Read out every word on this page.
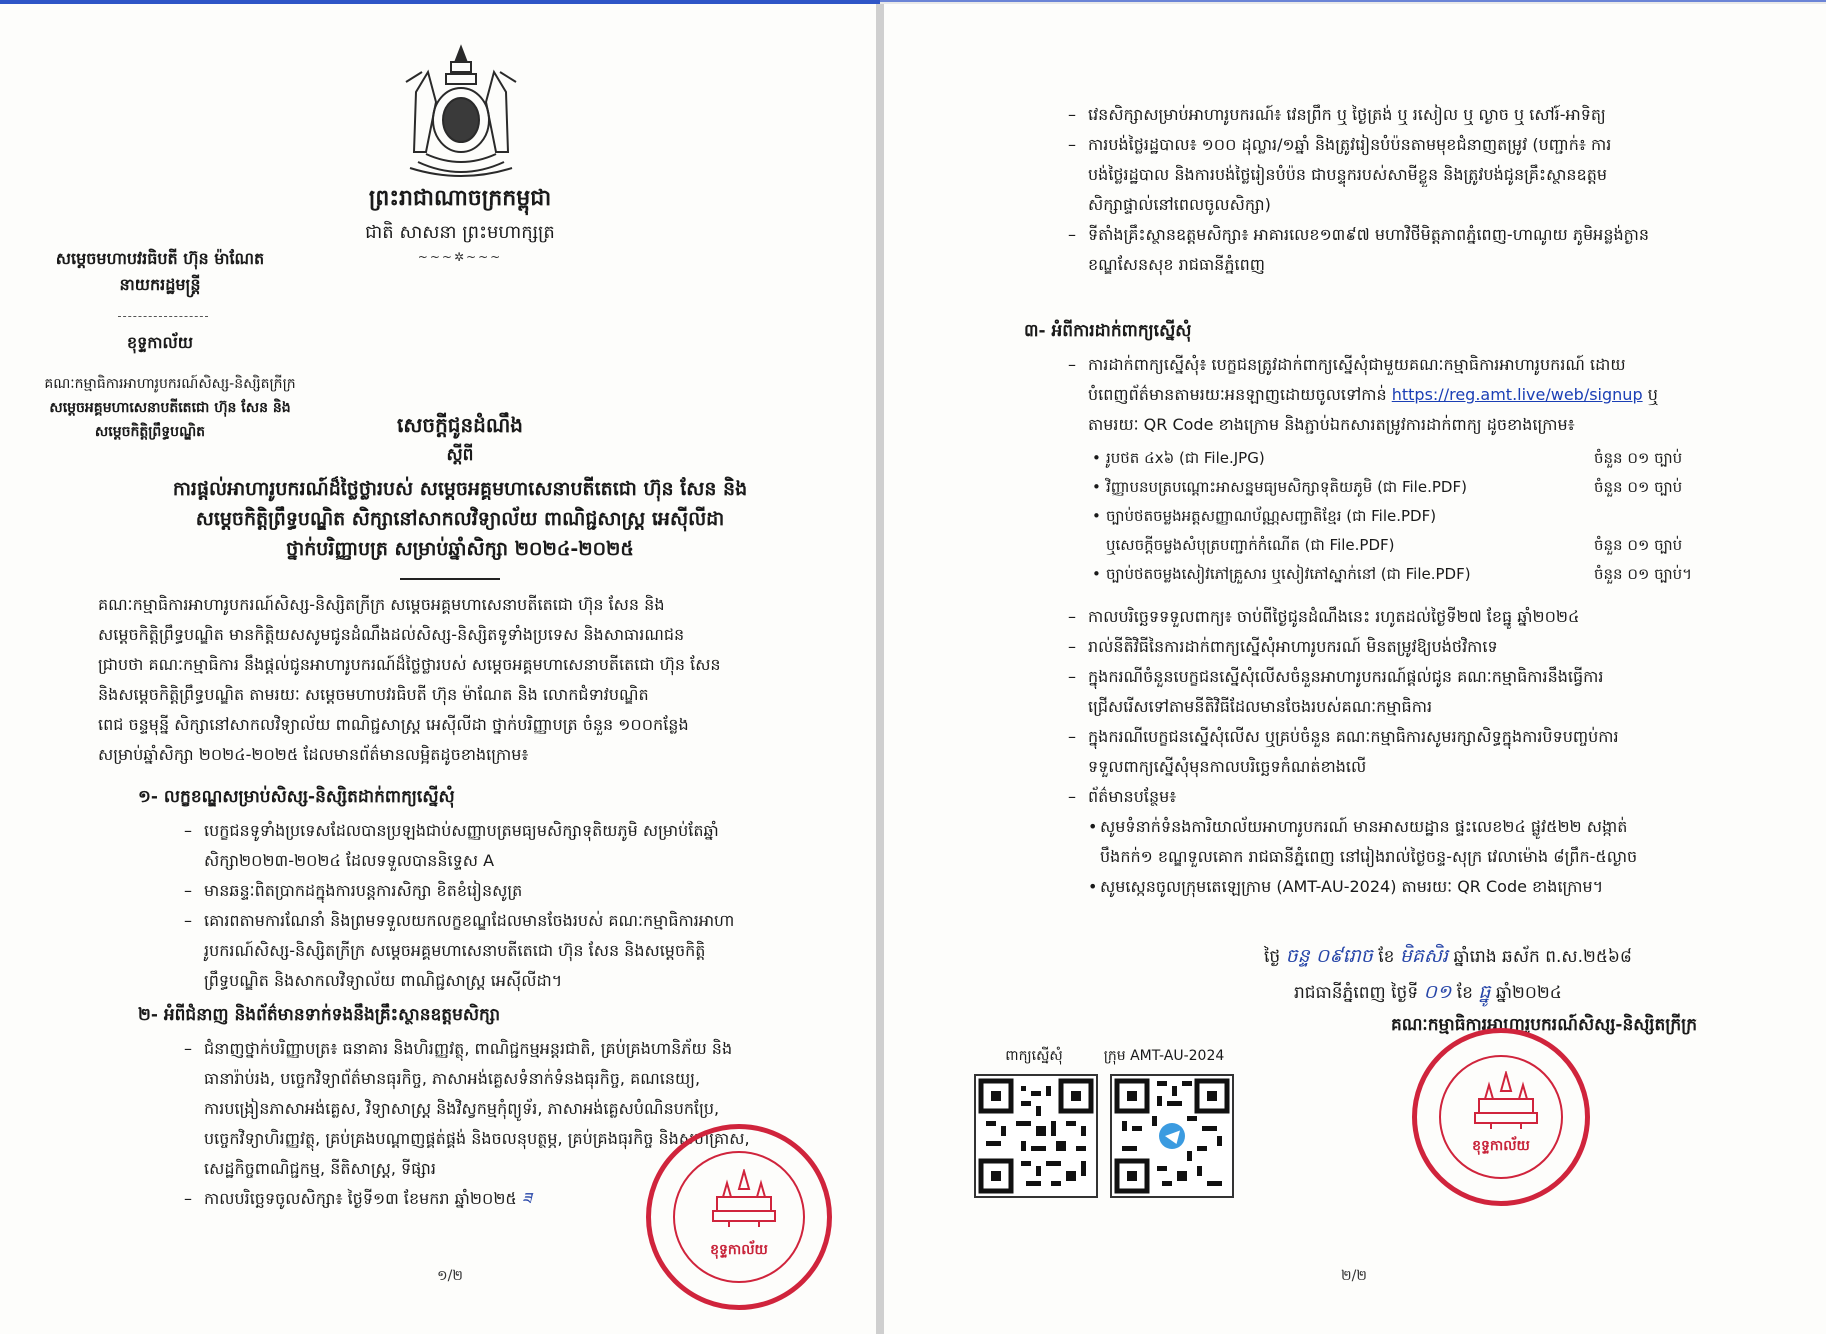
ព្រះរាជាណាចក្រកម្ពុជា
ជាតិ សាសនា ព្រះមហាក្សត្រ
~~~✲~~~
សម្តេចមហាបវរធិបតី ហ៊ុន ម៉ាណែត
នាយករដ្ឋមន្ត្រី
ខុទ្ទកាល័យ
គណៈកម្មាធិការអាហារូបករណ៍សិស្ស-និស្សិតក្រីក្រ
សម្តេចអគ្គមហាសេនាបតីតេជោ ហ៊ុន សែន និង
សម្តេចកិត្តិព្រឹទ្ធបណ្ឌិត	សេចក្តីជូនដំណឹង
ស្តីពី
ការផ្តល់អាហារូបករណ៍ដ៏ថ្លៃថ្លារបស់ សម្តេចអគ្គមហាសេនាបតីតេជោ ហ៊ុន សែន និង
សម្តេចកិត្តិព្រឹទ្ធបណ្ឌិត សិក្សានៅសាកលវិទ្យាល័យ ពាណិជ្ជសាស្ត្រ អេស៊ីលីដា
ថ្នាក់បរិញ្ញាបត្រ សម្រាប់ឆ្នាំសិក្សា ២០២៤-២០២៥
គណៈកម្មាធិការអាហារូបករណ៍សិស្ស-និស្សិតក្រីក្រ សម្តេចអគ្គមហាសេនាបតីតេជោ ហ៊ុន សែន និង
សម្តេចកិត្តិព្រឹទ្ធបណ្ឌិត មានកិត្តិយសសូមជូនដំណឹងដល់សិស្ស-និស្សិតទូទាំងប្រទេស និងសាធារណជន
ជ្រាបថា គណៈកម្មាធិការ នឹងផ្តល់ជូនអាហារូបករណ៍ដ៏ថ្លៃថ្លារបស់ សម្តេចអគ្គមហាសេនាបតីតេជោ ហ៊ុន សែន
និងសម្តេចកិត្តិព្រឹទ្ធបណ្ឌិត តាមរយៈ សម្តេចមហាបវរធិបតី ហ៊ុន ម៉ាណែត និង លោកជំទាវបណ្ឌិត
ពេជ ចន្ទមុន្នី សិក្សានៅសាកលវិទ្យាល័យ ពាណិជ្ជសាស្ត្រ អេស៊ីលីដា ថ្នាក់បរិញ្ញាបត្រ ចំនួន ១០០កន្លែង
សម្រាប់ឆ្នាំសិក្សា ២០២៤-២០២៥ ដែលមានព័ត៌មានលម្អិតដូចខាងក្រោម៖
១- លក្ខខណ្ឌសម្រាប់សិស្ស-និស្សិតដាក់ពាក្យស្នើសុំ
– បេក្ខជនទូទាំងប្រទេសដែលបានប្រឡងជាប់សញ្ញាបត្រមធ្យមសិក្សាទុតិយភូមិ សម្រាប់តែឆ្នាំ
សិក្សា២០២៣-២០២៤ ដែលទទួលបាននិទ្ទេស A
– មានឆន្ទៈពិតប្រាកដក្នុងការបន្តការសិក្សា ខិតខំរៀនសូត្រ
– គោរពតាមការណែនាំ និងព្រមទទួលយកលក្ខខណ្ឌដែលមានចែងរបស់ គណៈកម្មាធិការអាហា
រូបករណ៍សិស្ស-និស្សិតក្រីក្រ សម្តេចអគ្គមហាសេនាបតីតេជោ ហ៊ុន សែន និងសម្តេចកិត្តិ
ព្រឹទ្ធបណ្ឌិត និងសាកលវិទ្យាល័យ ពាណិជ្ជសាស្ត្រ អេស៊ីលីដា។
២- អំពីជំនាញ និងព័ត៌មានទាក់ទងនឹងគ្រឹះស្ថានឧត្តមសិក្សា
– ជំនាញថ្នាក់បរិញ្ញាបត្រ៖ ធនាគារ និងហិរញ្ញវត្ថុ, ពាណិជ្ជកម្មអន្តរជាតិ, គ្រប់គ្រងហានិភ័យ និង
ធានារ៉ាប់រង, បច្ចេកវិទ្យាព័ត៌មានធុរកិច្ច, ភាសាអង់គ្លេសទំនាក់ទំនងធុរកិច្ច, គណនេយ្យ,
ការបង្រៀនភាសាអង់គ្លេស, វិទ្យាសាស្ត្រ និងវិស្វកម្មកុំព្យូទ័រ, ភាសាអង់គ្លេសបំណិនបកប្រែ,
បច្ចេកវិទ្យាហិរញ្ញវត្ថុ, គ្រប់គ្រងបណ្តាញផ្គត់ផ្គង់ និងចលនុបត្ថម្ភ, គ្រប់គ្រងធុរកិច្ច និងសហគ្រាស,
សេដ្ឋកិច្ចពាណិជ្ជកម្ម, នីតិសាស្ត្រ, ទីផ្សារ
– កាលបរិច្ឆេទចូលសិក្សា៖ ថ្ងៃទី១៣ ខែមករា ឆ្នាំ២០២៥ ཟ
ខុទ្ទកាល័យ
១/២
– វេនសិក្សាសម្រាប់អាហារូបករណ៍៖ វេនព្រឹក ឬ ថ្ងៃត្រង់ ឬ រសៀល ឬ ល្ងាច ឬ សៅរ៍-អាទិត្យ
– ការបង់ថ្លៃរដ្ឋបាល៖ ១០០ ដុល្លារ/១ឆ្នាំ និងត្រូវរៀនបំប៉នតាមមុខជំនាញតម្រូវ (បញ្ជាក់៖ ការ
បង់ថ្លៃរដ្ឋបាល និងការបង់ថ្លៃរៀនបំប៉ន ជាបន្ទុករបស់សាមីខ្លួន និងត្រូវបង់ជូនគ្រឹះស្ថានឧត្តម
សិក្សាផ្ទាល់នៅពេលចូលសិក្សា)
– ទីតាំងគ្រឹះស្ថានឧត្តមសិក្សា៖ អាគារលេខ១៣៩៧ មហាវិថីមិត្តភាពភ្នំពេញ-ហាណូយ ភូមិអន្លង់ក្ងាន
ខណ្ឌសែនសុខ រាជធានីភ្នំពេញ
៣- អំពីការដាក់ពាក្យស្នើសុំ
– ការដាក់ពាក្យស្នើសុំ៖ បេក្ខជនត្រូវដាក់ពាក្យស្នើសុំជាមួយគណៈកម្មាធិការអាហារូបករណ៍ ដោយ
បំពេញព័ត៌មានតាមរយៈអនឡាញដោយចូលទៅកាន់ https://reg.amt.live/web/signup ឬ
តាមរយៈ QR Code ខាងក្រោម និងភ្ជាប់ឯកសារតម្រូវការដាក់ពាក្យ ដូចខាងក្រោម៖
• រូបថត ៤x៦ (ជា File.JPG)	ចំនួន ០១ ច្បាប់
• វិញ្ញាបនបត្របណ្តោះអាសន្នមធ្យមសិក្សាទុតិយភូមិ (ជា File.PDF)	ចំនួន ០១ ច្បាប់
• ច្បាប់ថតចម្លងអត្តសញ្ញាណប័ណ្ណសញ្ជាតិខ្មែរ (ជា File.PDF)
ឬសេចក្តីចម្លងសំបុត្របញ្ជាក់កំណើត (ជា File.PDF)	ចំនួន ០១ ច្បាប់
• ច្បាប់ថតចម្លងសៀវភៅគ្រួសារ ឬសៀវភៅស្នាក់នៅ (ជា File.PDF)	ចំនួន ០១ ច្បាប់។
– កាលបរិច្ឆេទទទួលពាក្យ៖ ចាប់ពីថ្ងៃជូនដំណឹងនេះ រហូតដល់ថ្ងៃទី២៧ ខែធ្នូ ឆ្នាំ២០២៤
– រាល់នីតិវិធីនៃការដាក់ពាក្យស្នើសុំអាហារូបករណ៍ មិនតម្រូវឱ្យបង់ថវិកាទេ
– ក្នុងករណីចំនួនបេក្ខជនស្នើសុំលើសចំនួនអាហារូបករណ៍ផ្តល់ជូន គណៈកម្មាធិការនឹងធ្វើការ
ជ្រើសរើសទៅតាមនីតិវិធីដែលមានចែងរបស់គណៈកម្មាធិការ
– ក្នុងករណីបេក្ខជនស្នើសុំលើស ឬគ្រប់ចំនួន គណៈកម្មាធិការសូមរក្សាសិទ្ធក្នុងការបិទបញ្ចប់ការ
ទទួលពាក្យស្នើសុំមុនកាលបរិច្ឆេទកំណត់ខាងលើ
– ព័ត៌មានបន្ថែម៖
• សូមទំនាក់ទំនងការិយាល័យអាហារូបករណ៍ មានអាសយដ្ឋាន ផ្ទះលេខ២៤ ផ្លូវ៥២២ សង្កាត់
បឹងកក់១ ខណ្ឌទួលគោក រាជធានីភ្នំពេញ នៅរៀងរាល់ថ្ងៃចន្ទ-សុក្រ វេលាម៉ោង ៨ព្រឹក-៥ល្ងាច
• សូមស្កេនចូលក្រុមតេឡេក្រាម (AMT-AU-2024) តាមរយៈ QR Code ខាងក្រោម។
ថ្ងៃ ចន្ទ ០៩រោច ខែ មិគសិរ ឆ្នាំរោង ឆស័ក ព.ស.២៥៦៨
រាជធានីភ្នំពេញ ថ្ងៃទី ០១ ខែ ធ្នូ ឆ្នាំ២០២៤
គណៈកម្មាធិការអាហារូបករណ៍សិស្ស-និស្សិតក្រីក្រ
ខុទ្ទកាល័យ
ពាក្យស្នើសុំ	ក្រុម AMT-AU-2024
២/២
